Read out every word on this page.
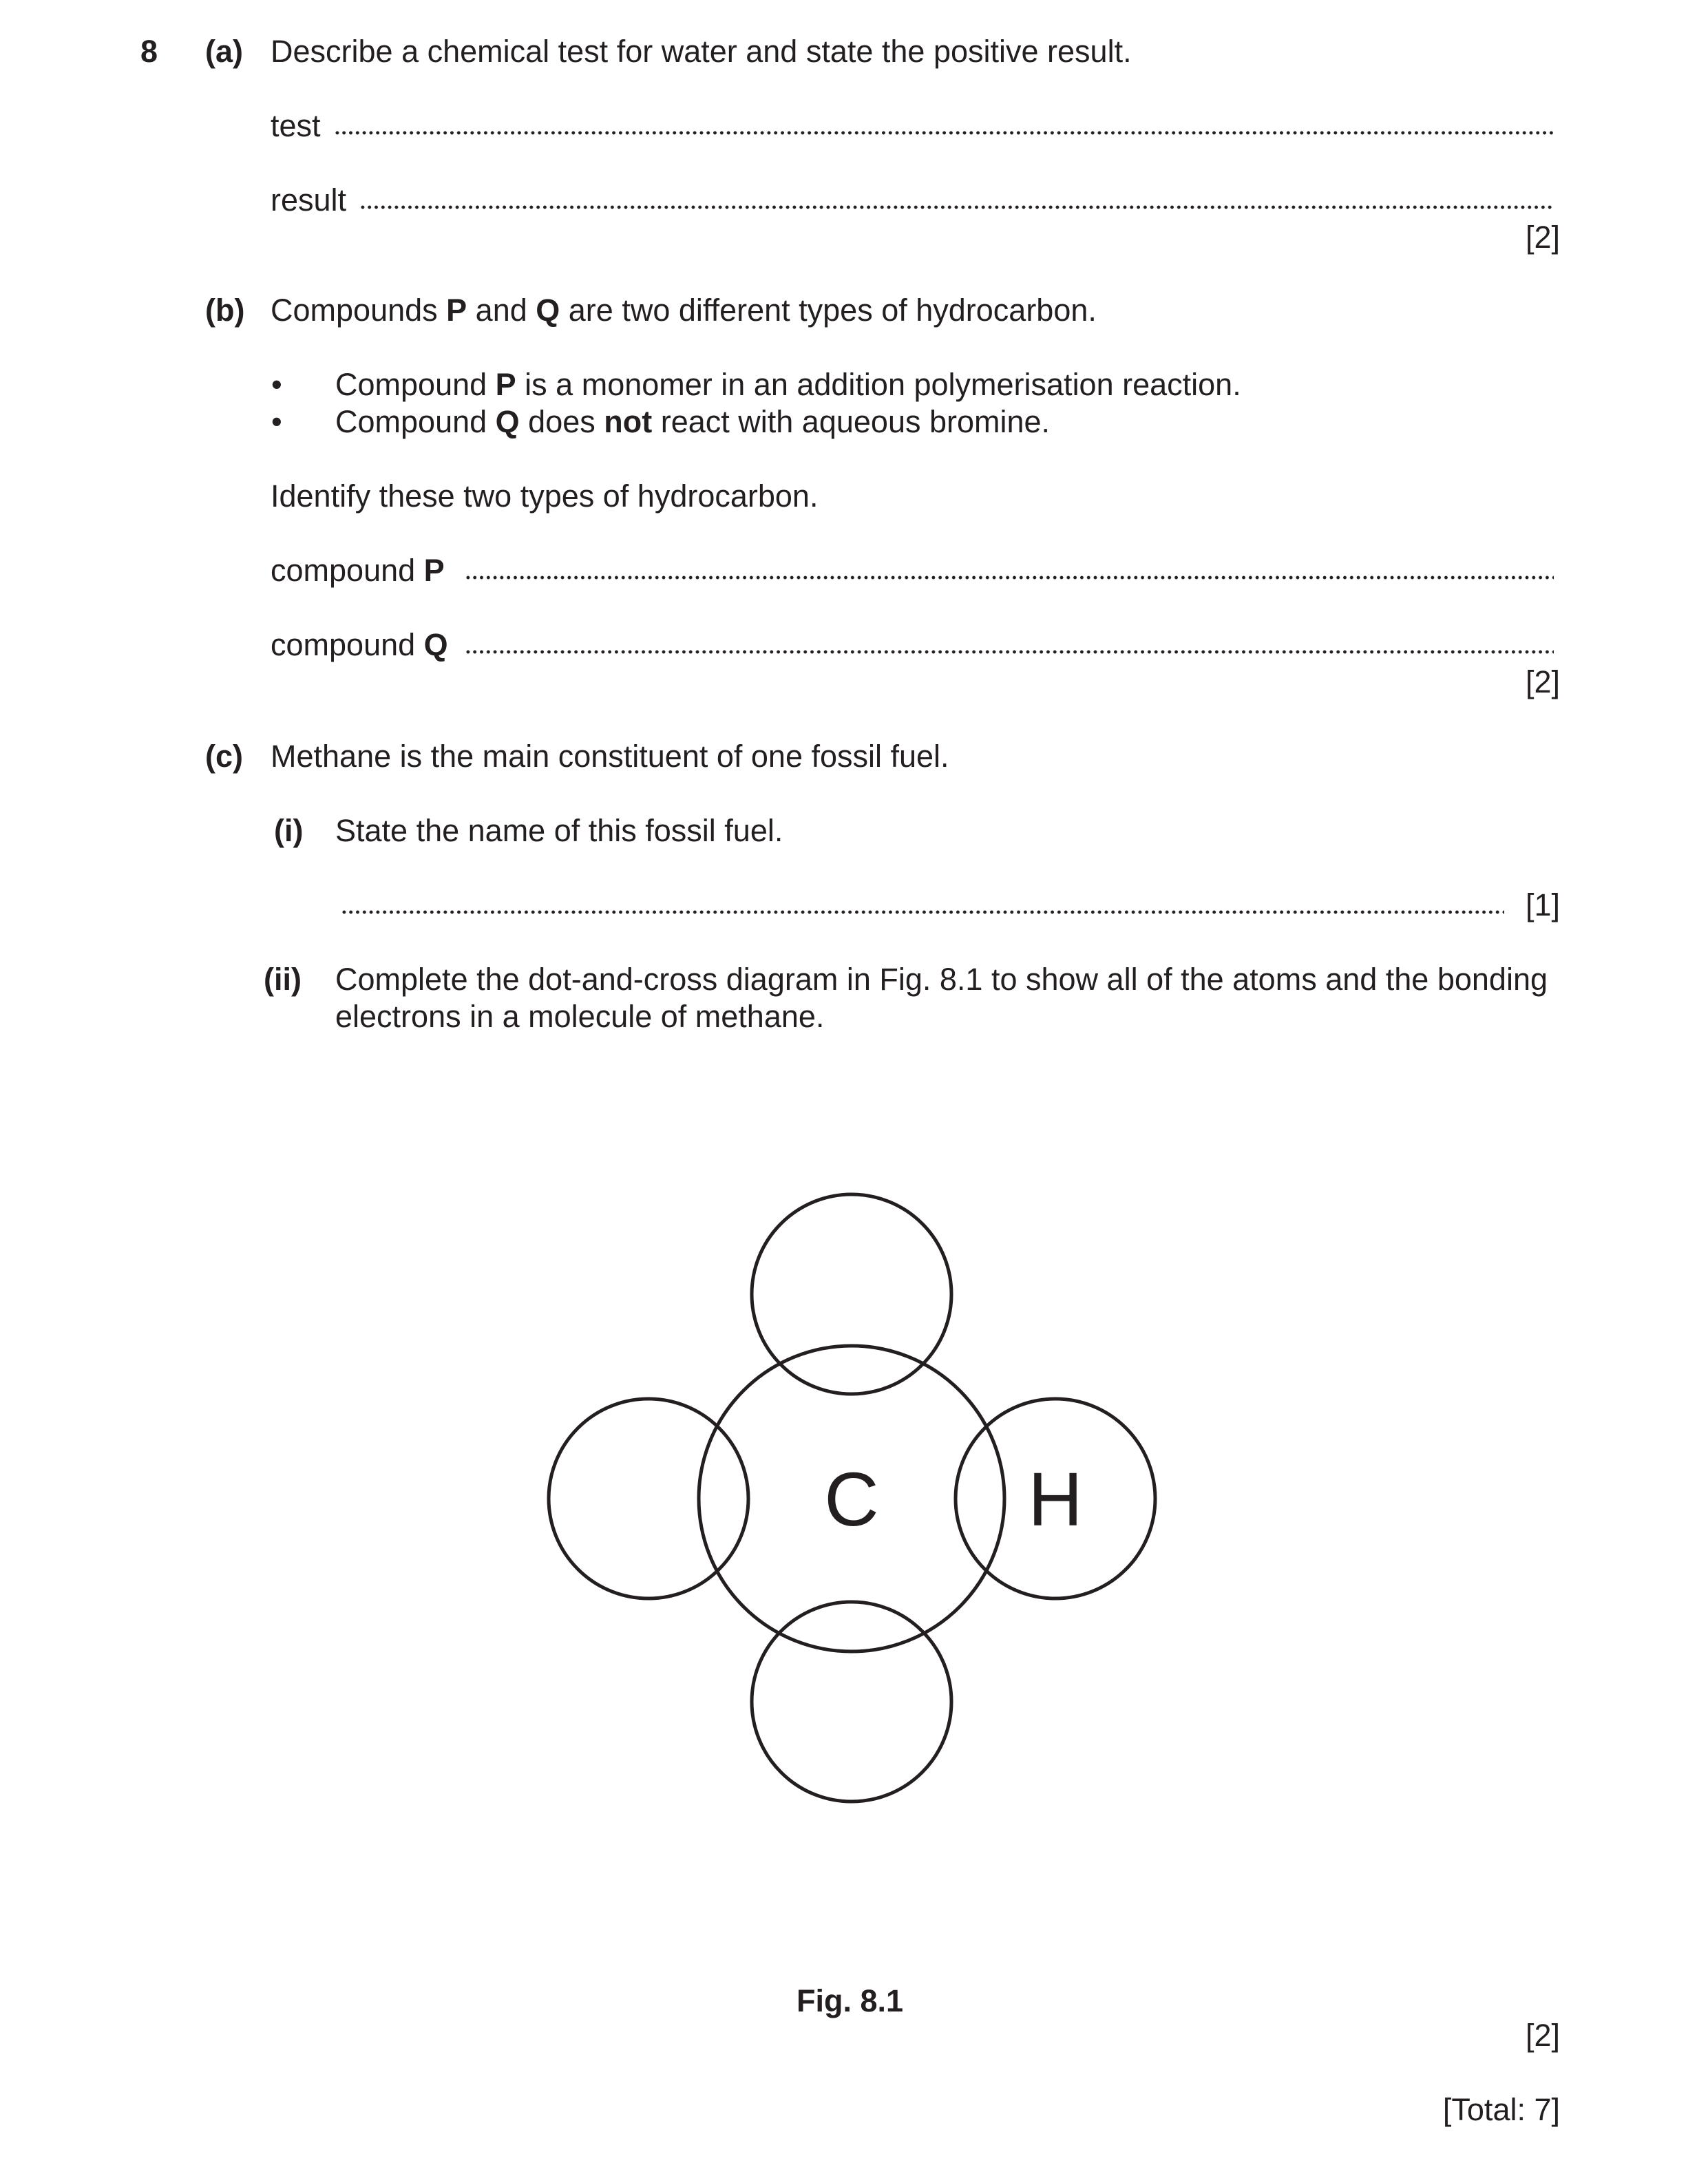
8 (a) Describe a chemical test for water and state the positive result.
test
result
[2]
(b) Compounds P and Q are two different types of hydrocarbon.
• Compound P is a monomer in an addition polymerisation reaction.
• Compound Q does not react with aqueous bromine.
Identify these two types of hydrocarbon.
compound P
compound Q
[2]
(c) Methane is the main constituent of one fossil fuel.
(i) State the name of this fossil fuel.
[1]
(ii) Complete the dot-and-cross diagram in Fig. 8.1 to show all of the atoms and the bonding
electrons in a molecule of methane.
C H
Fig. 8.1
[2]
[Total: 7]
